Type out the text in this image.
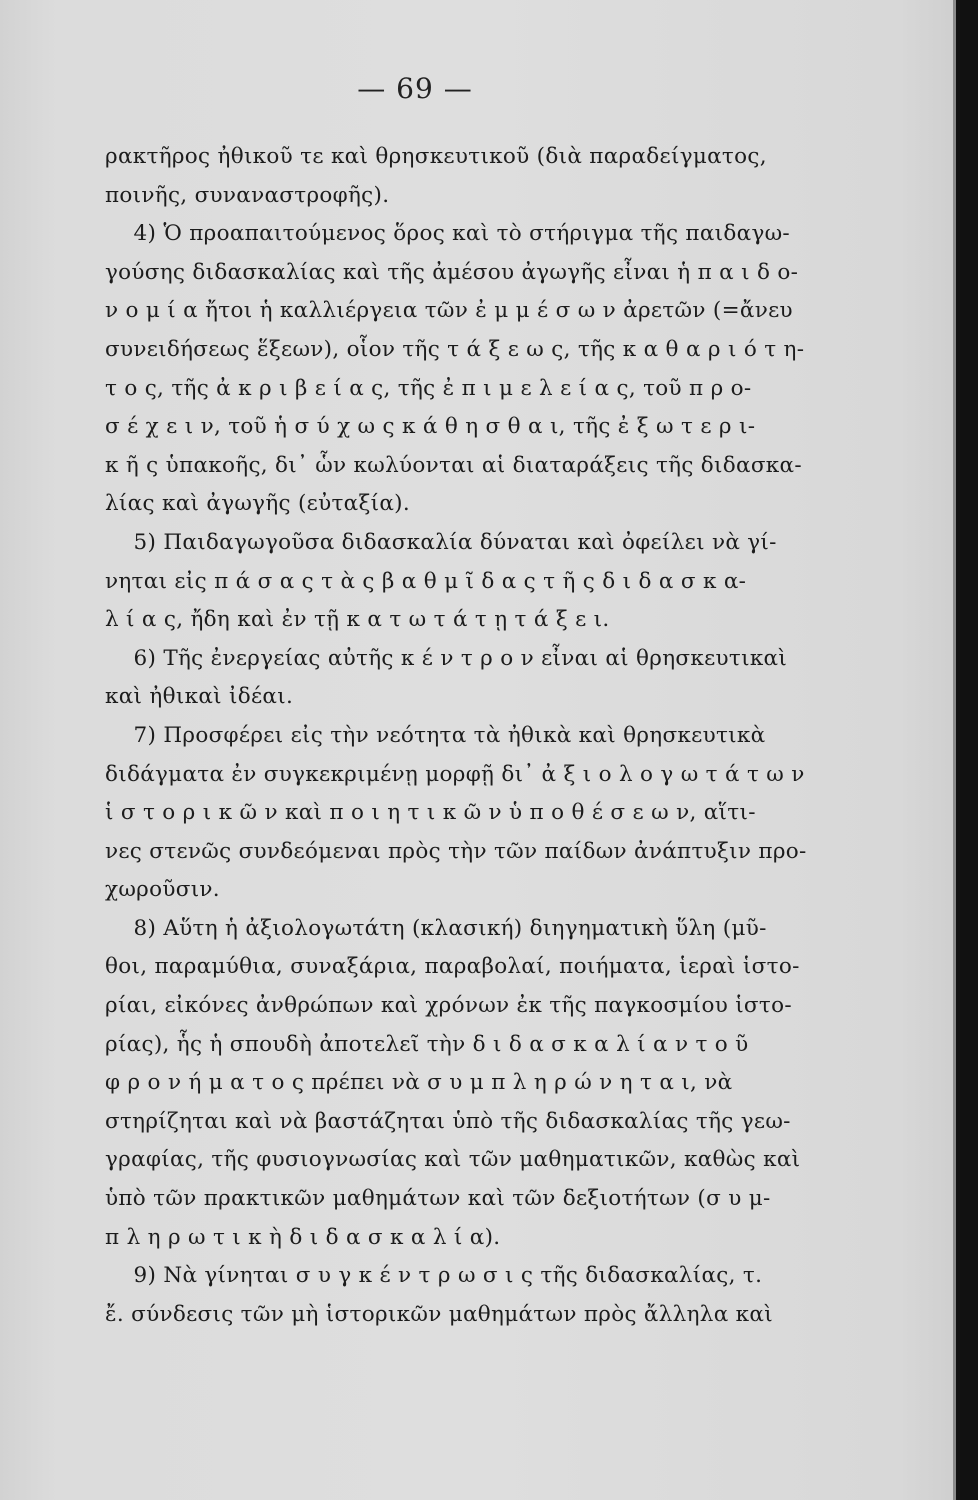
— 69 —
ρακτῆρος ἠθικοῦ τε καὶ θρησκευτικοῦ (διὰ παραδείγματος,
ποινῆς, συναναστροφῆς).
4) Ὁ προαπαιτούμενος ὅρος καὶ τὸ στήριγμα τῆς παιδαγω-
γούσης διδασκαλίας καὶ τῆς ἀμέσου ἀγωγῆς εἶναι ἡ π α ι δ ο-
ν ο μ ί α ἤτοι ἡ καλλιέργεια τῶν ἐ μ μ έ σ ω ν ἀρετῶν (=ἄνευ
συνειδήσεως ἕξεων), οἷον τῆς τ ά ξ ε ω ς, τῆς κ α θ α ρ ι ό τ η-
τ ο ς, τῆς ἀ κ ρ ι β ε ί α ς, τῆς ἐ π ι μ ε λ ε ί α ς, τοῦ π ρ ο-
σ έ χ ε ι ν, τοῦ ἡ σ ύ χ ω ς κ ά θ η σ θ α ι, τῆς ἐ ξ ω τ ε ρ ι-
κ ῆ ς ὑπακοῆς, δι᾿ ὧν κωλύονται αἱ διαταράξεις τῆς διδασκα-
λίας καὶ ἀγωγῆς (εὐταξία).
5) Παιδαγωγοῦσα διδασκαλία δύναται καὶ ὀφείλει νὰ γί-
νηται εἰς π ά σ α ς τ ὰ ς β α θ μ ῖ δ α ς τ ῆ ς δ ι δ α σ κ α-
λ ί α ς, ἤδη καὶ ἐν τῇ κ α τ ω τ ά τ ῃ τ ά ξ ε ι.
6) Τῆς ἐνεργείας αὐτῆς κ έ ν τ ρ ο ν εἶναι αἱ θρησκευτικαὶ
καὶ ἠθικαὶ ἰδέαι.
7) Προσφέρει εἰς τὴν νεότητα τὰ ἠθικὰ καὶ θρησκευτικὰ
διδάγματα ἐν συγκεκριμένῃ μορφῇ δι᾿ ἀ ξ ι ο λ ο γ ω τ ά τ ω ν
ἱ σ τ ο ρ ι κ ῶ ν καὶ π ο ι η τ ι κ ῶ ν ὑ π ο θ έ σ ε ω ν, αἵτι-
νες στενῶς συνδεόμεναι πρὸς τὴν τῶν παίδων ἀνάπτυξιν προ-
χωροῦσιν.
8) Αὕτη ἡ ἀξιολογωτάτη (κλασική) διηγηματικὴ ὕλη (μῦ-
θοι, παραμύθια, συναξάρια, παραβολαί, ποιήματα, ἱεραὶ ἱστο-
ρίαι, εἰκόνες ἀνθρώπων καὶ χρόνων ἐκ τῆς παγκοσμίου ἱστο-
ρίας), ἧς ἡ σπουδὴ ἀποτελεῖ τὴν δ ι δ α σ κ α λ ί α ν τ ο ῦ
φ ρ ο ν ή μ α τ ο ς πρέπει νὰ σ υ μ π λ η ρ ώ ν η τ α ι, νὰ
στηρίζηται καὶ νὰ βαστάζηται ὑπὸ τῆς διδασκαλίας τῆς γεω-
γραφίας, τῆς φυσιογνωσίας καὶ τῶν μαθηματικῶν, καθὼς καὶ
ὑπὸ τῶν πρακτικῶν μαθημάτων καὶ τῶν δεξιοτήτων (σ υ μ-
π λ η ρ ω τ ι κ ὴ δ ι δ α σ κ α λ ί α).
9) Νὰ γίνηται σ υ γ κ έ ν τ ρ ω σ ι ς τῆς διδασκαλίας, τ.
ἔ. σύνδεσις τῶν μὴ ἱστορικῶν μαθημάτων πρὸς ἄλληλα καὶ
